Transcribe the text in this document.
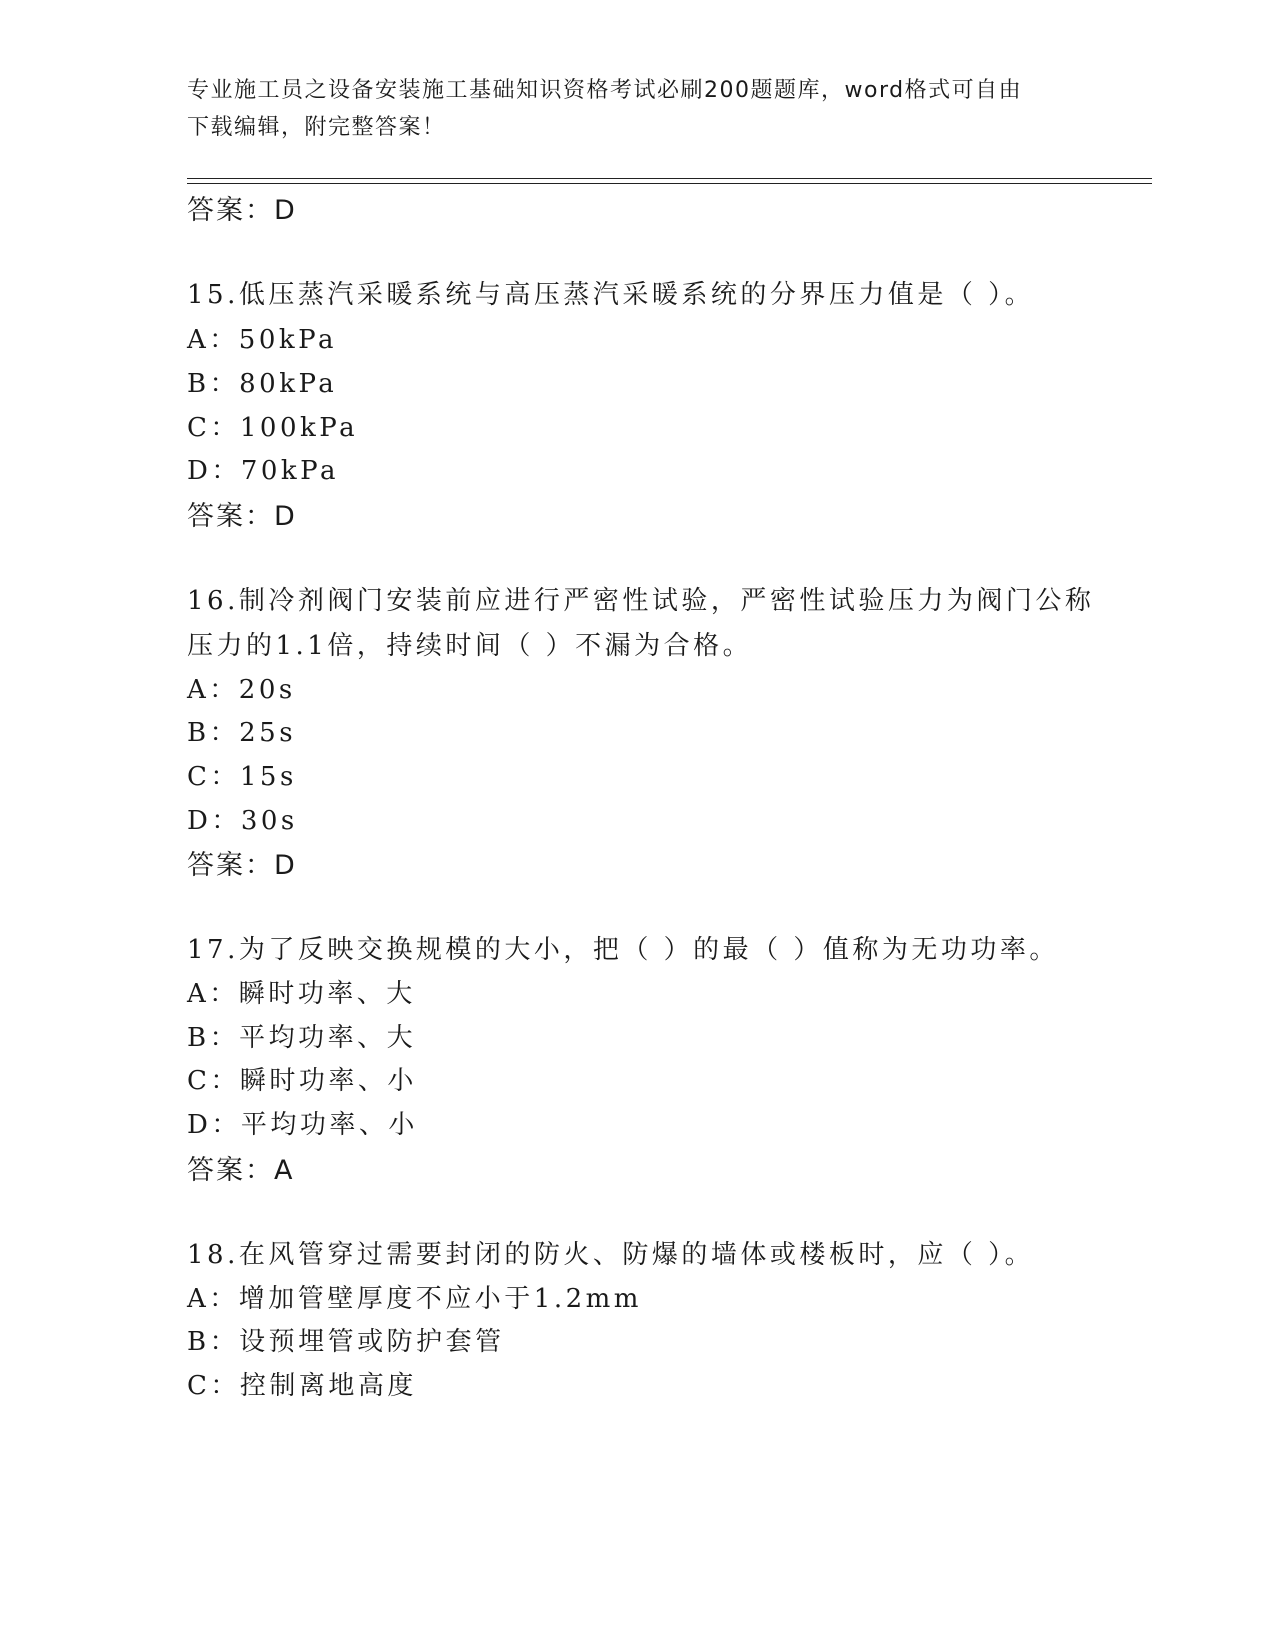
专业施工员之设备安装施工基础知识资格考试必刷200题题库，word格式可自由
下载编辑，附完整答案！
答案：D
15.低压蒸汽采暖系统与高压蒸汽采暖系统的分界压力值是（ ）。
A：50kPa
B：80kPa
C：100kPa
D：70kPa
答案：D
16.制冷剂阀门安装前应进行严密性试验，严密性试验压力为阀门公称
压力的1.1倍，持续时间（ ）不漏为合格。
A：20s
B：25s
C：15s
D：30s
答案：D
17.为了反映交换规模的大小，把（ ）的最（ ）值称为无功功率。
A：瞬时功率、大
B：平均功率、大
C：瞬时功率、小
D：平均功率、小
答案：A
18.在风管穿过需要封闭的防火、防爆的墙体或楼板时，应（ ）。
A：增加管壁厚度不应小于1.2mm
B：设预埋管或防护套管
C：控制离地高度
